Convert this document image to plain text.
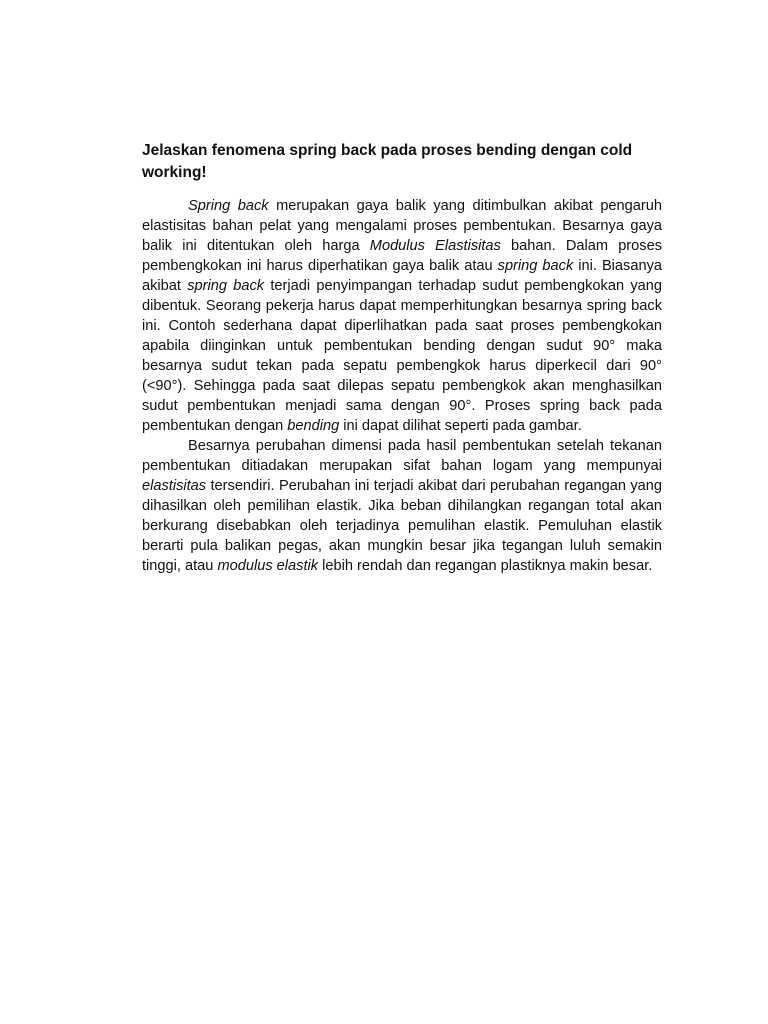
Jelaskan fenomena spring back pada proses bending dengan cold working!

Spring back merupakan gaya balik yang ditimbulkan akibat pengaruh elastisitas bahan pelat yang mengalami proses pembentukan. Besarnya gaya balik ini ditentukan oleh harga Modulus Elastisitas bahan. Dalam proses pembengkokan ini harus diperhatikan gaya balik atau spring back ini. Biasanya akibat spring back terjadi penyimpangan terhadap sudut pembengkokan yang dibentuk. Seorang pekerja harus dapat memperhitungkan besarnya spring back ini. Contoh sederhana dapat diperlihatkan pada saat proses pembengkokan apabila diinginkan untuk pembentukan bending dengan sudut 90° maka besarnya sudut tekan pada sepatu pembengkok harus diperkecil dari 90° (<90°). Sehingga pada saat dilepas sepatu pembengkok akan menghasilkan sudut pembentukan menjadi sama dengan 90°. Proses spring back pada pembentukan dengan bending ini dapat dilihat seperti pada gambar.

Besarnya perubahan dimensi pada hasil pembentukan setelah tekanan pembentukan ditiadakan merupakan sifat bahan logam yang mempunyai elastisitas tersendiri. Perubahan ini terjadi akibat dari perubahan regangan yang dihasilkan oleh pemilihan elastik. Jika beban dihilangkan regangan total akan berkurang disebabkan oleh terjadinya pemulihan elastik. Pemuluhan elastik berarti pula balikan pegas, akan mungkin besar jika tegangan luluh semakin tinggi, atau modulus elastik lebih rendah dan regangan plastiknya makin besar.
